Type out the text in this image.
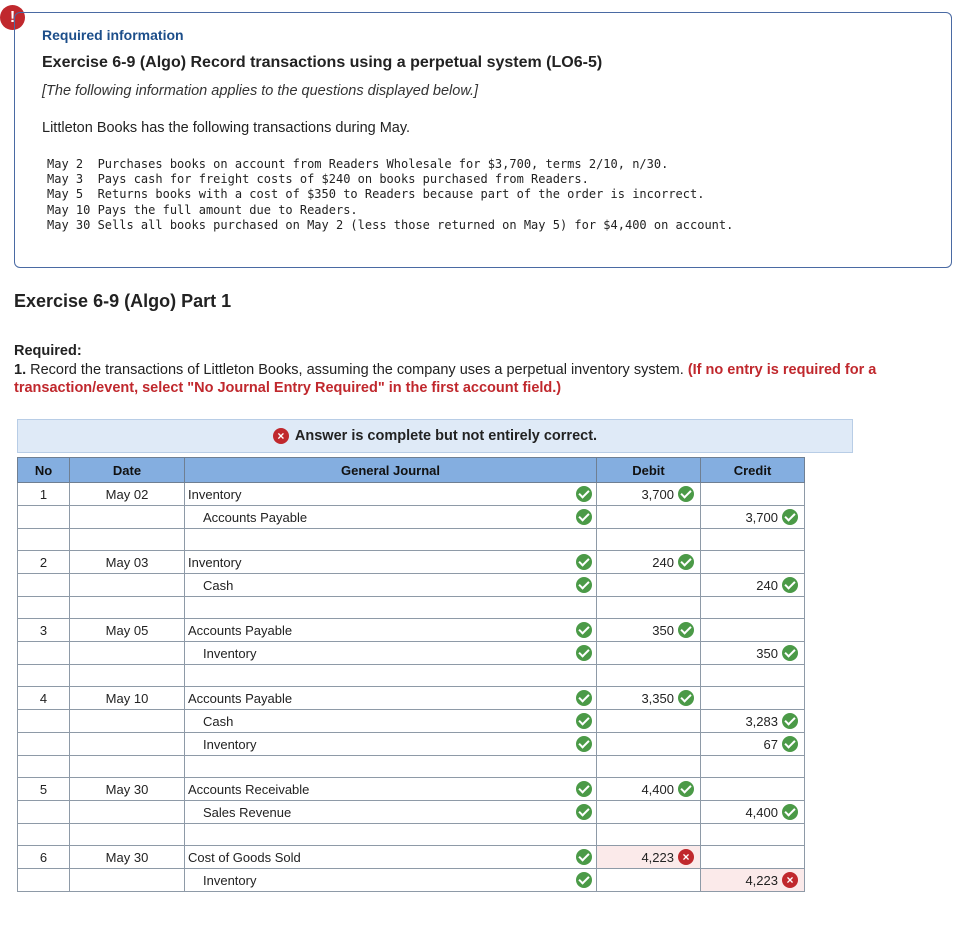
!
Required information
Exercise 6-9 (Algo) Record transactions using a perpetual system (LO6-5)
[The following information applies to the questions displayed below.]
Littleton Books has the following transactions during May.
May 2  Purchases books on account from Readers Wholesale for $3,700, terms 2/10, n/30.
May 3  Pays cash for freight costs of $240 on books purchased from Readers.
May 5  Returns books with a cost of $350 to Readers because part of the order is incorrect.
May 10 Pays the full amount due to Readers.
May 30 Sells all books purchased on May 2 (less those returned on May 5) for $4,400 on account.
Exercise 6-9 (Algo) Part 1
Required:
1. Record the transactions of Littleton Books, assuming the company uses a perpetual inventory system. (If no entry is required for a transaction/event, select "No Journal Entry Required" in the first account field.)
× Answer is complete but not entirely correct.
No	Date	General Journal		Debit	Credit
1	May 02	Inventory		3,700	

		Accounts Payable			3,700

2	May 03	Inventory		240	

		Cash			240

3	May 05	Accounts Payable		350	

		Inventory			350

4	May 10	Accounts Payable		3,350	

		Cash			3,283

		Inventory			67

5	May 30	Accounts Receivable		4,400	

		Sales Revenue			4,400

6	May 30	Cost of Goods Sold		4,223 ×	

		Inventory			4,223 ×
